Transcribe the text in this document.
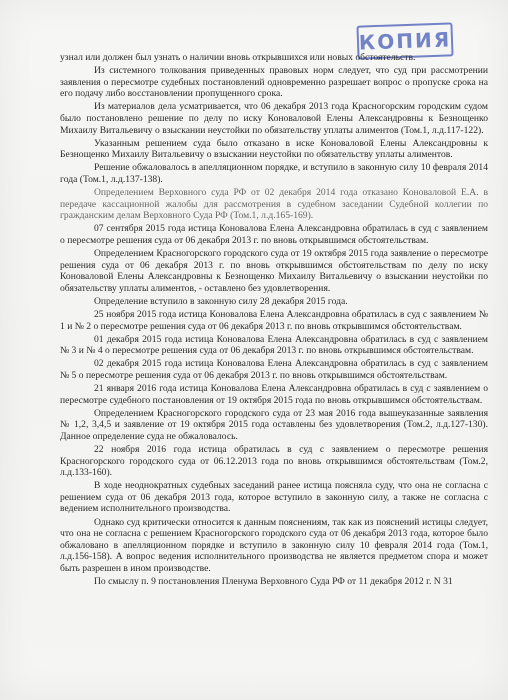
КОПИЯ

узнал или должен был узнать о наличии вновь открывшихся или новых обстоятельств.

Из системного толкования приведенных правовых норм следует, что суд при рассмотрении заявления о пересмотре судебных постановлений одновременно разрешает вопрос о пропуске срока на его подачу либо восстановлении пропущенного срока.

Из материалов дела усматривается, что 06 декабря 2013 года Красногорским городским судом было постановлено решение по делу по иску Коноваловой Елены Александровны к Безнощенко Михаилу Витальевичу о взыскании неустойки по обязательству уплаты алиментов (Том.1, л.д.117-122).

Указанным решением суда было отказано в иске Коноваловой Елены Александровны к Безнощенко Михаилу Витальевичу о взыскании неустойки по обязательству уплаты алиментов.

Решение обжаловалось в апелляционном порядке, и вступило в законную силу 10 февраля 2014 года (Том.1, л.д.137-138).

Определением Верховного суда РФ от 02 декабря 2014 года отказано Коноваловой Е.А. в передаче кассационной жалобы для рассмотрения в судебном заседании Судебной коллегии по гражданским делам Верховного Суда РФ (Том.1, л.д.165-169).

07 сентября 2015 года истица Коновалова Елена Александровна обратилась в суд с заявлением о пересмотре решения суда от 06 декабря 2013 г. по вновь открывшимся обстоятельствам.

Определением Красногорского городского суда от 19 октября 2015 года заявление о пересмотре решения суда от 06 декабря 2013 г. по вновь открывшимся обстоятельствам по делу по иску Коноваловой Елены Александровны к Безнощенко Михаилу Витальевичу о взыскании неустойки по обязательству уплаты алиментов, - оставлено без удовлетворения.

Определение вступило в законную силу 28 декабря 2015 года.

25 ноября 2015 года истица Коновалова Елена Александровна обратилась в суд с заявлением № 1 и № 2 о пересмотре решения суда от 06 декабря 2013 г. по вновь открывшимся обстоятельствам.

01 декабря 2015 года истица Коновалова Елена Александровна обратилась в суд с заявлением № 3 и № 4 о пересмотре решения суда от 06 декабря 2013 г. по вновь открывшимся обстоятельствам.

02 декабря 2015 года истица Коновалова Елена Александровна обратилась в суд с заявлением № 5 о пересмотре решения суда от 06 декабря 2013 г. по вновь открывшимся обстоятельствам.

21 января 2016 года истица Коновалова Елена Александровна обратилась в суд с заявлением о пересмотре судебного постановления от 19 октября 2015 года по вновь открывшимся обстоятельствам.

Определением Красногорского городского суда от 23 мая 2016 года вышеуказанные заявления № 1,2, 3,4,5 и заявление от 19 октября 2015 года оставлены без удовлетворения (Том.2, л.д.127-130). Данное определение суда не обжаловалось.

22 ноября 2016 года истица обратилась в суд с заявлением о пересмотре решения Красногорского городского суда от 06.12.2013 года по вновь открывшимся обстоятельствам (Том.2, л.д.133-160).

В ходе неоднократных судебных заседаний ранее истица поясняла суду, что она не согласна с решением суда от 06 декабря 2013 года, которое вступило в законную силу, а также не согласна с ведением исполнительного производства.

Однако суд критически относится к данным пояснениям, так как из пояснений истицы следует, что она не согласна с решением Красногорского городского суда от 06 декабря 2013 года, которое было обжаловано в апелляционном порядке и вступило в законную силу 10 февраля 2014 года (Том.1, л.д.156-158). А вопрос ведения исполнительного производства не является предметом спора и может быть разрешен в ином производстве.

По смыслу п. 9 постановления Пленума Верховного Суда РФ от 11 декабря 2012 г. N 31
